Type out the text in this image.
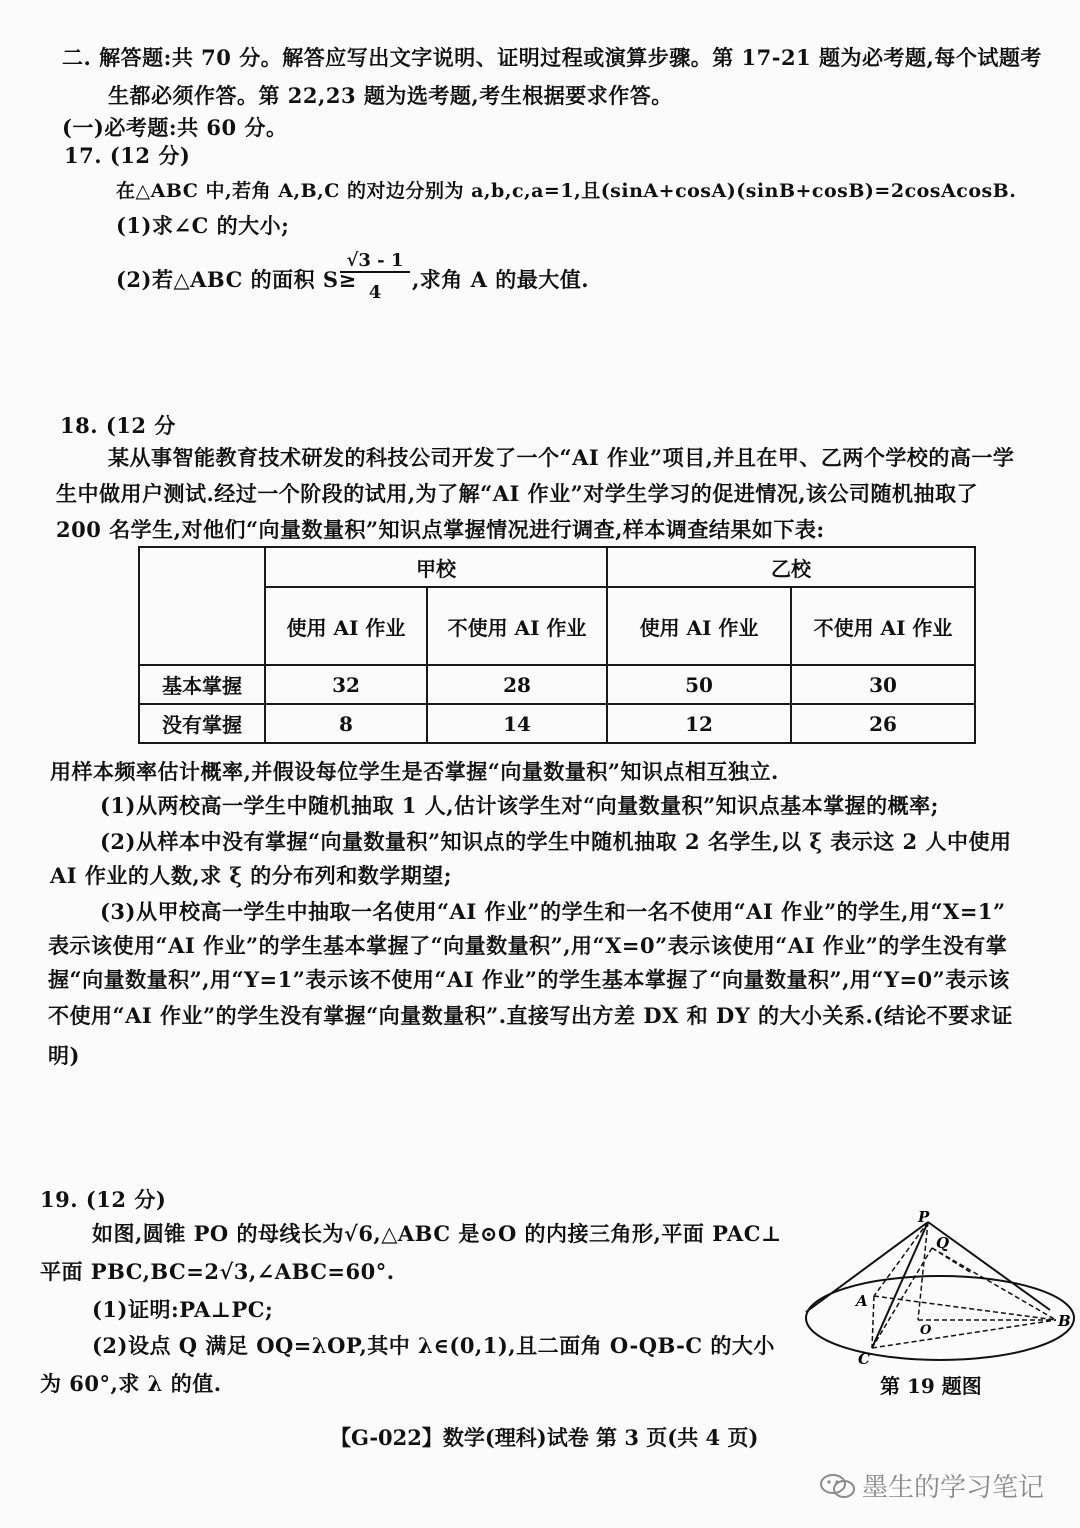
二. 解答题:共 70 分。解答应写出文字说明、证明过程或演算步骤。第 17-21 题为必考题,每个试题考
生都必须作答。第 22,23 题为选考题,考生根据要求作答。
(一)必考题:共 60 分。
17. (12 分)
在△ABC 中,若角 A,B,C 的对边分别为 a,b,c,a=1,且(sinA+cosA)(sinB+cosB)=2cosAcosB.
(1)求∠C 的大小;
(2)若△ABC 的面积 S≥
√3 - 1
4
,求角 A 的最大值.
18. (12 分
某从事智能教育技术研发的科技公司开发了一个“AI 作业”项目,并且在甲、乙两个学校的高一学
生中做用户测试.经过一个阶段的试用,为了解“AI 作业”对学生学习的促进情况,该公司随机抽取了
200 名学生,对他们“向量数量积”知识点掌握情况进行调查,样本调查结果如下表:
	甲校		乙校	
	使用 AI 作业	不使用 AI 作业	使用 AI 作业	不使用 AI 作业
基本掌握	32	28	50	30
没有掌握	8	14	12	26
用样本频率估计概率,并假设每位学生是否掌握“向量数量积”知识点相互独立.
(1)从两校高一学生中随机抽取 1 人,估计该学生对“向量数量积”知识点基本掌握的概率;
(2)从样本中没有掌握“向量数量积”知识点的学生中随机抽取 2 名学生,以 ξ 表示这 2 人中使用
AI 作业的人数,求 ξ 的分布列和数学期望;
(3)从甲校高一学生中抽取一名使用“AI 作业”的学生和一名不使用“AI 作业”的学生,用“X=1”
表示该使用“AI 作业”的学生基本掌握了“向量数量积”,用“X=0”表示该使用“AI 作业”的学生没有掌
握“向量数量积”,用“Y=1”表示该不使用“AI 作业”的学生基本掌握了“向量数量积”,用“Y=0”表示该
不使用“AI 作业”的学生没有掌握“向量数量积”.直接写出方差 DX 和 DY 的大小关系.(结论不要求证
明)
19. (12 分)
如图,圆锥 PO 的母线长为√6,△ABC 是⊙O 的内接三角形,平面 PAC⊥
平面 PBC,BC=2√3,∠ABC=60°.
(1)证明:PA⊥PC;
(2)设点 Q 满足 OQ=λOP,其中 λ∈(0,1),且二面角 O-QB-C 的大小
为 60°,求 λ 的值.
P
Q
A
B
C
O
第 19 题图
【G-022】数学(理科)试卷 第 3 页(共 4 页)
墨生的学习笔记
